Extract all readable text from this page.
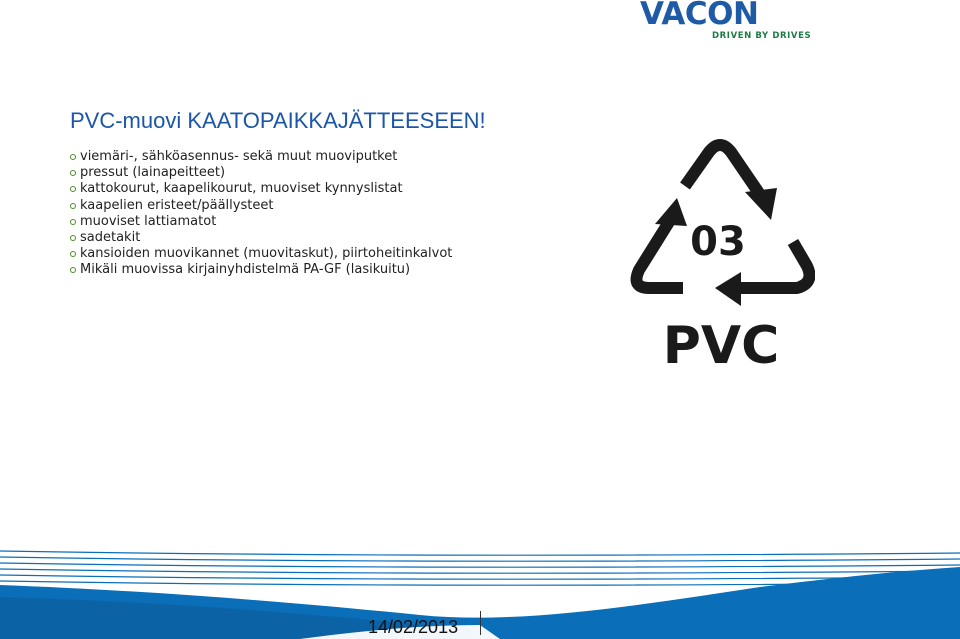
VACON
DRIVEN BY DRIVES
PVC-muovi KAATOPAIKKAJÄTTEESEEN!
viemäri-, sähköasennus- sekä muut muoviputket
pressut (lainapeitteet)
kattokourut, kaapelikourut, muoviset kynnyslistat
kaapelien eristeet/päällysteet
muoviset lattiamatot
sadetakit
kansioiden muovikannet (muovitaskut), piirtoheitinkalvot
Mikäli muovissa kirjainyhdistelmä PA-GF (lasikuitu)
03
PVC
14/02/2013
